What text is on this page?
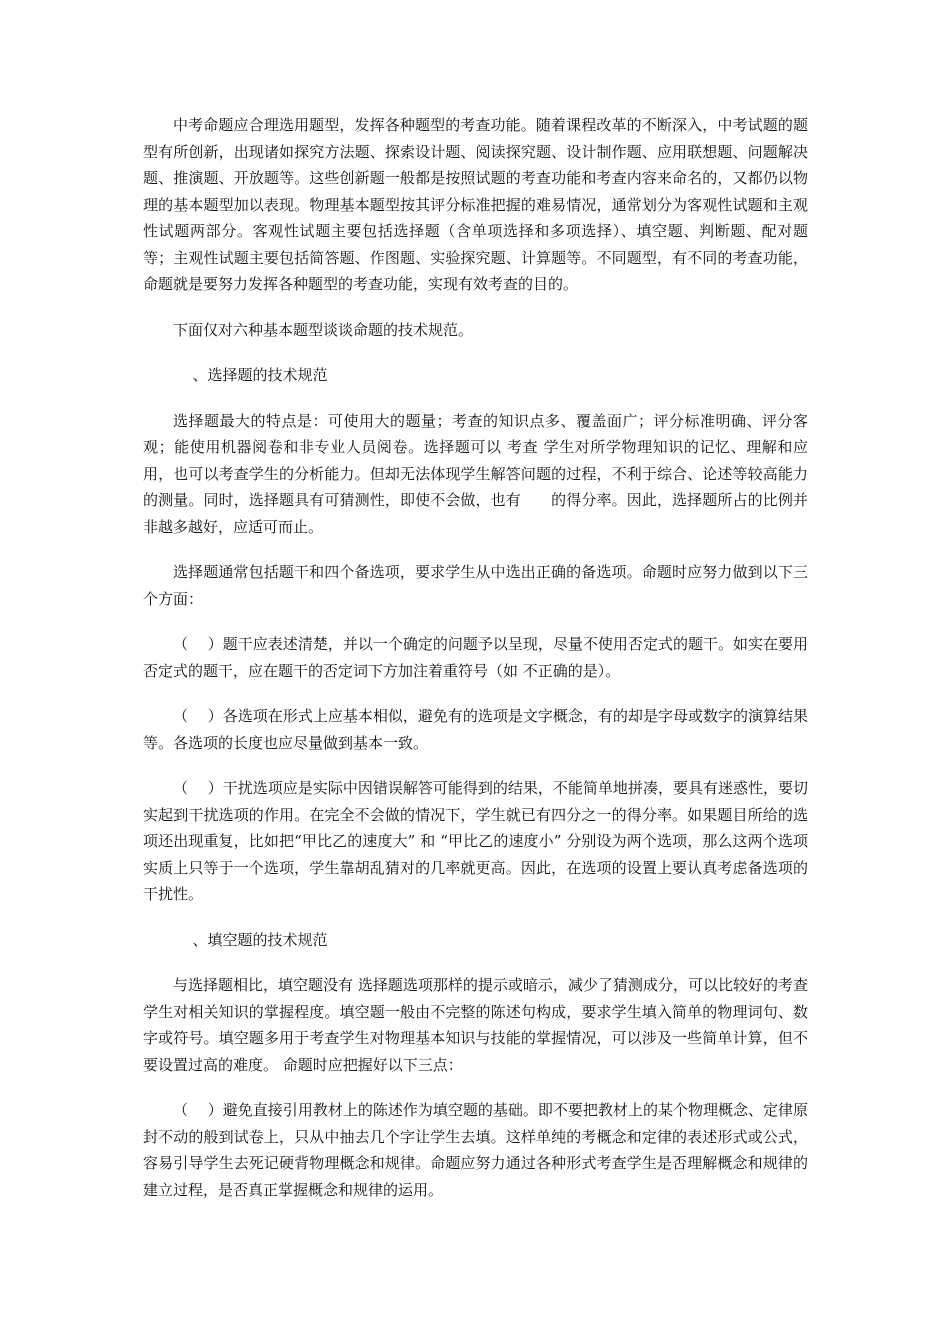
中考命题应合理选用题型，发挥各种题型的考查功能。随着课程改革的不断深入，中考试题的题型有所创新，出现诸如探究方法题、探索设计题、阅读探究题、设计制作题、应用联想题、问题解决题、推演题、开放题等。这些创新题一般都是按照试题的考查功能和考查内容来命名的，又都仍以物理的基本题型加以表现。物理基本题型按其评分标准把握的难易情况，通常划分为客观性试题和主观性试题两部分。客观性试题主要包括选择题（含单项选择和多项选择）、填空题、判断题、配对题等；主观性试题主要包括简答题、作图题、实验探究题、计算题等。不同题型，有不同的考查功能，命题就是要努力发挥各种题型的考查功能，实现有效考查的目的。

下面仅对六种基本题型谈谈命题的技术规范。

、选择题的技术规范

选择题最大的特点是：可使用大的题量；考查的知识点多、覆盖面广；评分标准明确、评分客观；能使用机器阅卷和非专业人员阅卷。选择题可以 考查 学生对所学物理知识的记忆、理解和应用，也可以考查学生的分析能力。但却无法体现学生解答问题的过程，不利于综合、论述等较高能力的测量。同时，选择题具有可猜测性，即使不会做，也有　　的得分率。因此，选择题所占的比例并非越多越好，应适可而止。

选择题通常包括题干和四个备选项，要求学生从中选出正确的备选项。命题时应努力做到以下三个方面：

（　 ）题干应表述清楚，并以一个确定的问题予以呈现，尽量不使用否定式的题干。如实在要用否定式的题干，应在题干的否定词下方加注着重符号（如 不正确的是）。

（　 ）各选项在形式上应基本相似，避免有的选项是文字概念，有的却是字母或数字的演算结果等。各选项的长度也应尽量做到基本一致。

（　 ）干扰选项应是实际中因错误解答可能得到的结果，不能简单地拼凑，要具有迷惑性，要切实起到干扰选项的作用。在完全不会做的情况下，学生就已有四分之一的得分率。如果题目所给的选项还出现重复，比如把“甲比乙的速度大” 和 “甲比乙的速度小” 分别设为两个选项，那么这两个选项实质上只等于一个选项，学生靠胡乱猜对的几率就更高。因此，在选项的设置上要认真考虑备选项的干扰性。

、填空题的技术规范

与选择题相比，填空题没有 选择题选项那样的提示或暗示，减少了猜测成分，可以比较好的考查学生对相关知识的掌握程度。填空题一般由不完整的陈述句构成，要求学生填入简单的物理词句、数字或符号。填空题多用于考查学生对物理基本知识与技能的掌握情况，可以涉及一些简单计算，但不要设置过高的难度。 命题时应把握好以下三点：

（　 ）避免直接引用教材上的陈述作为填空题的基础。即不要把教材上的某个物理概念、定律原封不动的般到试卷上，只从中抽去几个字让学生去填。这样单纯的考概念和定律的表述形式或公式，容易引导学生去死记硬背物理概念和规律。命题应努力通过各种形式考查学生是否理解概念和规律的建立过程，是否真正掌握概念和规律的运用。
